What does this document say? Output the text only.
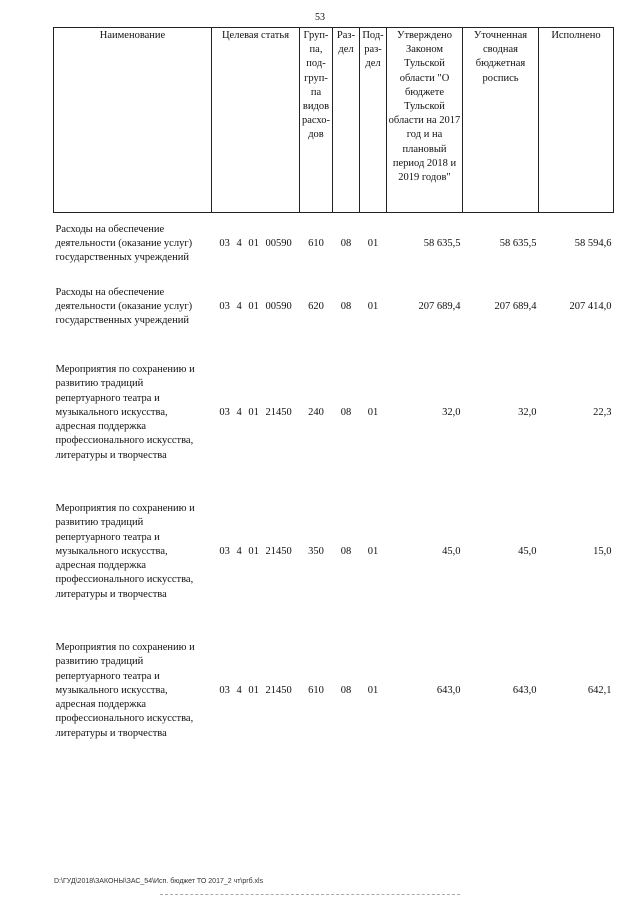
53
Наименование	Целевая статья	Груп-па, под-груп-па видов расхо-дов	Раз-дел	Под-раз-дел	Утверждено Законом Тульской области "О бюджете Тульской области на 2017 год и на плановый период 2018 и 2019 годов"	Уточненная сводная бюджетная роспись	Исполнено
Расходы на обеспечение деятельности (оказание услуг) государственных учреждений	03 4 01 00590	610	08	01	58 635,5	58 635,5	58 594,6
Расходы на обеспечение деятельности (оказание услуг) государственных учреждений	03 4 01 00590	620	08	01	207 689,4	207 689,4	207 414,0

Мероприятия по сохранению и развитию традиций репертуарного театра и музыкального искусства, адресная поддержка профессионального искусства, литературы и творчества	03 4 01 21450	240	08	01	32,0	32,0	22,3

Мероприятия по сохранению и развитию традиций репертуарного театра и музыкального искусства, адресная поддержка профессионального искусства, литературы и творчества	03 4 01 21450	350	08	01	45,0	45,0	15,0

Мероприятия по сохранению и развитию традиций репертуарного театра и музыкального искусства, адресная поддержка профессионального искусства, литературы и творчества	03 4 01 21450	610	08	01	643,0	643,0	642,1
D:\ГУД\2018\ЗАКОНЫ\ЗАС_54\Исп. бюджет ТО 2017_2 чт\рrб.xls
